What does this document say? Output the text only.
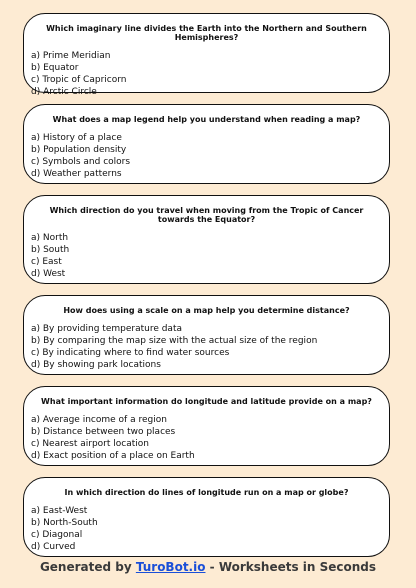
Which imaginary line divides the Earth into the Northern and Southern Hemispheres?
a) Prime Meridian
b) Equator
c) Tropic of Capricorn
d) Arctic Circle
What does a map legend help you understand when reading a map?
a) History of a place
b) Population density
c) Symbols and colors
d) Weather patterns
Which direction do you travel when moving from the Tropic of Cancer towards the Equator?
a) North
b) South
c) East
d) West
How does using a scale on a map help you determine distance?
a) By providing temperature data
b) By comparing the map size with the actual size of the region
c) By indicating where to find water sources
d) By showing park locations
What important information do longitude and latitude provide on a map?
a) Average income of a region
b) Distance between two places
c) Nearest airport location
d) Exact position of a place on Earth
In which direction do lines of longitude run on a map or globe?
a) East-West
b) North-South
c) Diagonal
d) Curved
Generated by TuroBot.io - Worksheets in Seconds
